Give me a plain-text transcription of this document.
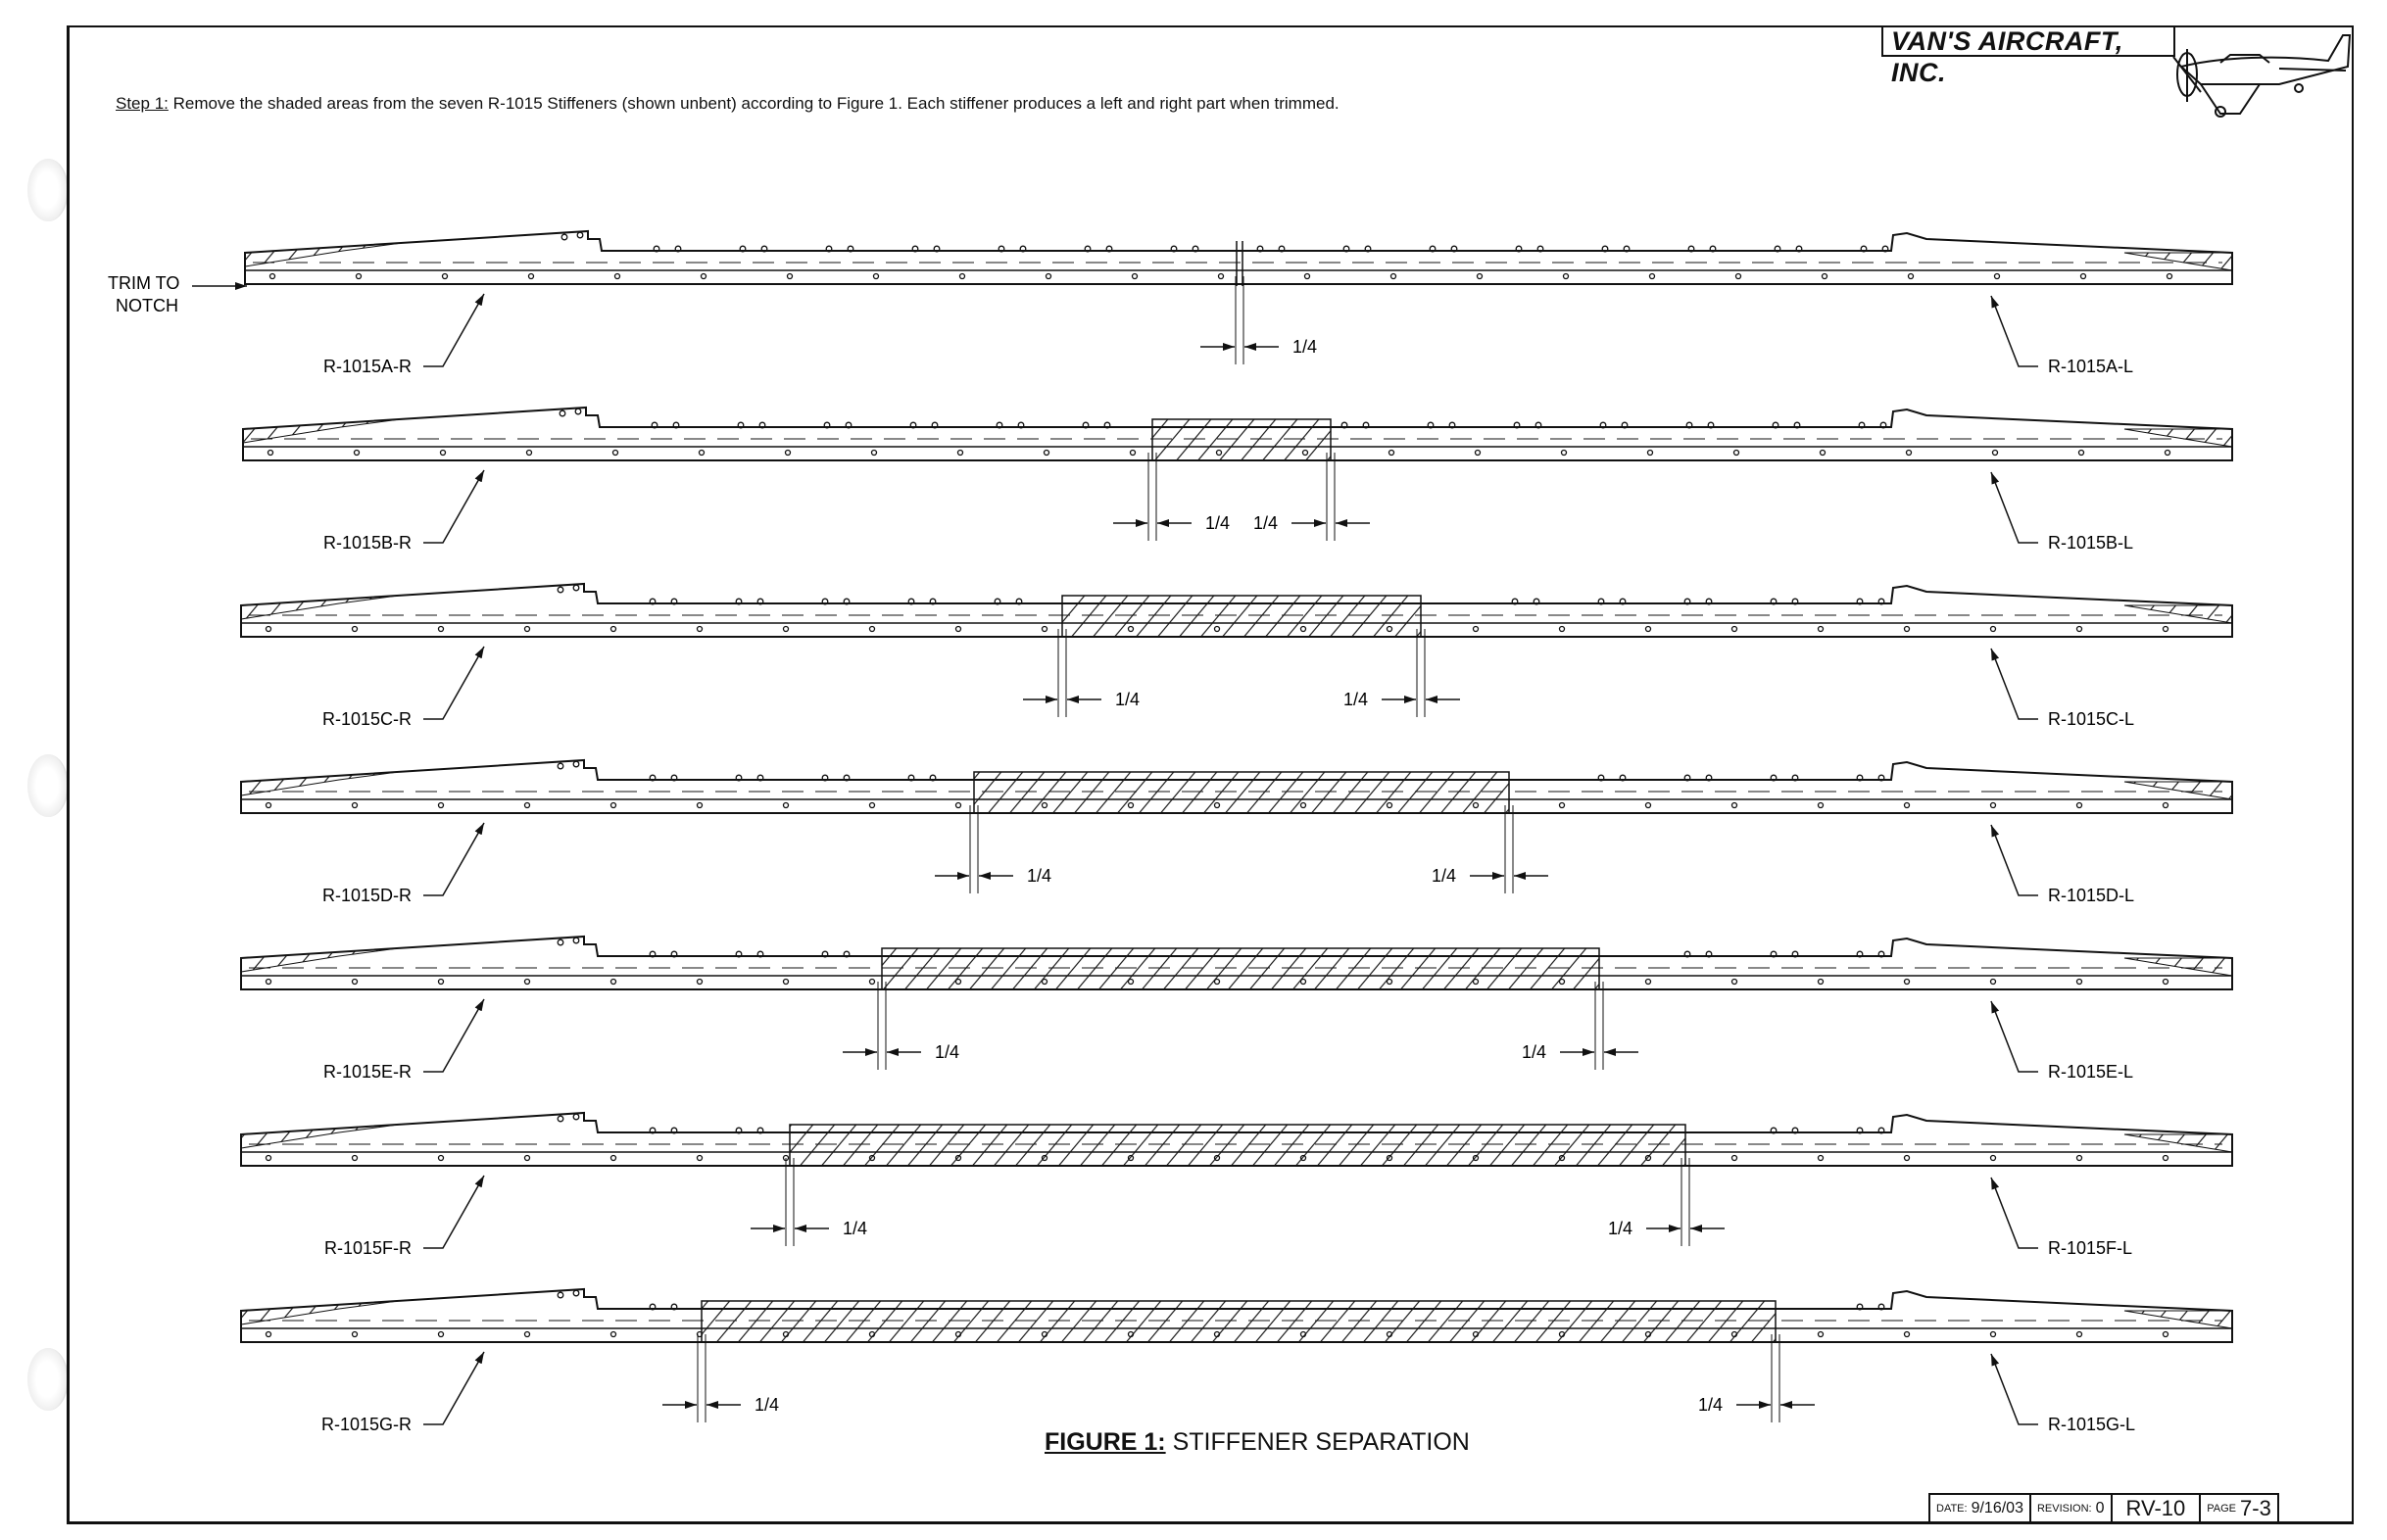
VAN'S AIRCRAFT, INC.
Step 1: Remove the shaded areas from the seven R-1015 Stiffeners (shown unbent) according to Figure 1. Each stiffener produces a left and right part when trimmed.
TRIM TO
NOTCH
1/4
R-1015A-R	R-1015A-L
1/4 1/4
R-1015B-R	R-1015B-L
1/4	1/4
R-1015C-R	R-1015C-L
1/4	1/4
R-1015D-R	R-1015D-L
1/4	1/4
R-1015E-R	R-1015E-L
1/4	1/4
R-1015F-R	R-1015F-L
1/4	1/4
R-1015G-R	R-1015G-L
FIGURE 1: STIFFENER SEPARATION
DATE: 9/16/03 REVISION: 0 RV-10 PAGE 7-3
